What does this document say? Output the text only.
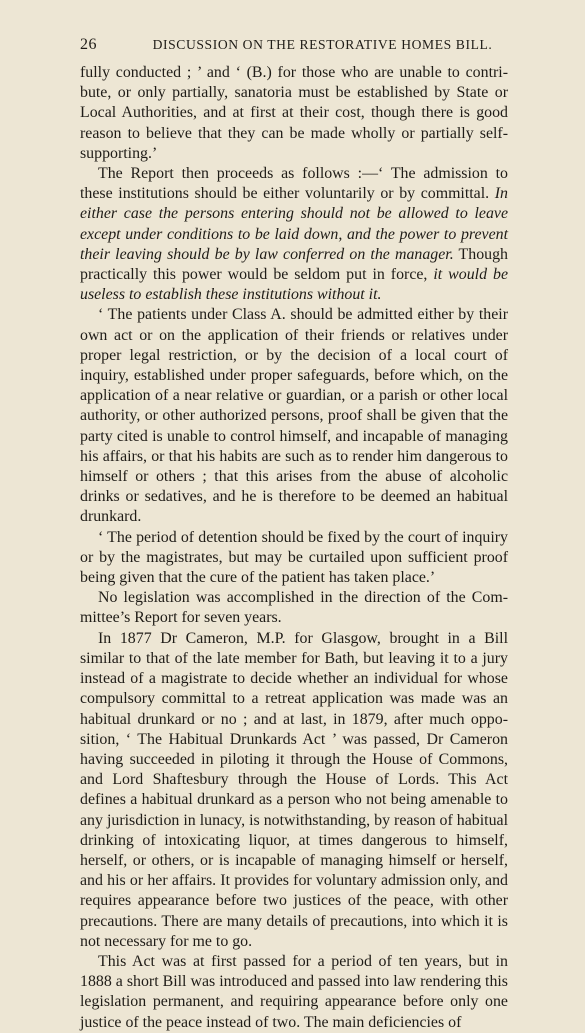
26	DISCUSSION ON THE RESTORATIVE HOMES BILL.

fully conducted ; ’ and ‘ (B.) for those who are unable to contribute, or only partially, sanatoria must be established by State or Local Authorities, and at first at their cost, though there is good reason to believe that they can be made wholly or partially self-supporting.’

The Report then proceeds as follows :—‘ The admission to these institutions should be either voluntarily or by committal. In either case the persons entering should not be allowed to leave except under conditions to be laid down, and the power to prevent their leaving should be by law conferred on the manager. Though practically this power would be seldom put in force, it would be useless to establish these institutions without it.

‘ The patients under Class A. should be admitted either by their own act or on the application of their friends or relatives under proper legal restriction, or by the decision of a local court of inquiry, established under proper safeguards, before which, on the application of a near relative or guardian, or a parish or other local authority, or other authorized persons, proof shall be given that the party cited is unable to control himself, and incapable of managing his affairs, or that his habits are such as to render him dangerous to himself or others ; that this arises from the abuse of alcoholic drinks or sedatives, and he is therefore to be deemed an habitual drunkard.

‘ The period of detention should be fixed by the court of inquiry or by the magistrates, but may be curtailed upon sufficient proof being given that the cure of the patient has taken place.’

No legislation was accomplished in the direction of the Committee’s Report for seven years.

In 1877 Dr Cameron, M.P. for Glasgow, brought in a Bill similar to that of the late member for Bath, but leaving it to a jury instead of a magistrate to decide whether an individual for whose compulsory committal to a retreat application was made was an habitual drunkard or no ; and at last, in 1879, after much opposition, ‘ The Habitual Drunkards Act ’ was passed, Dr Cameron having succeeded in piloting it through the House of Commons, and Lord Shaftesbury through the House of Lords. This Act defines a habitual drunkard as a person who not being amenable to any jurisdiction in lunacy, is notwithstanding, by reason of habitual drinking of intoxicating liquor, at times dangerous to himself, herself, or others, or is incapable of managing himself or herself, and his or her affairs. It provides for voluntary admission only, and requires appearance before two justices of the peace, with other precautions. There are many details of precautions, into which it is not necessary for me to go.

This Act was at first passed for a period of ten years, but in 1888 a short Bill was introduced and passed into law rendering this legislation permanent, and requiring appearance before only one justice of the peace instead of two. The main deficiencies of
